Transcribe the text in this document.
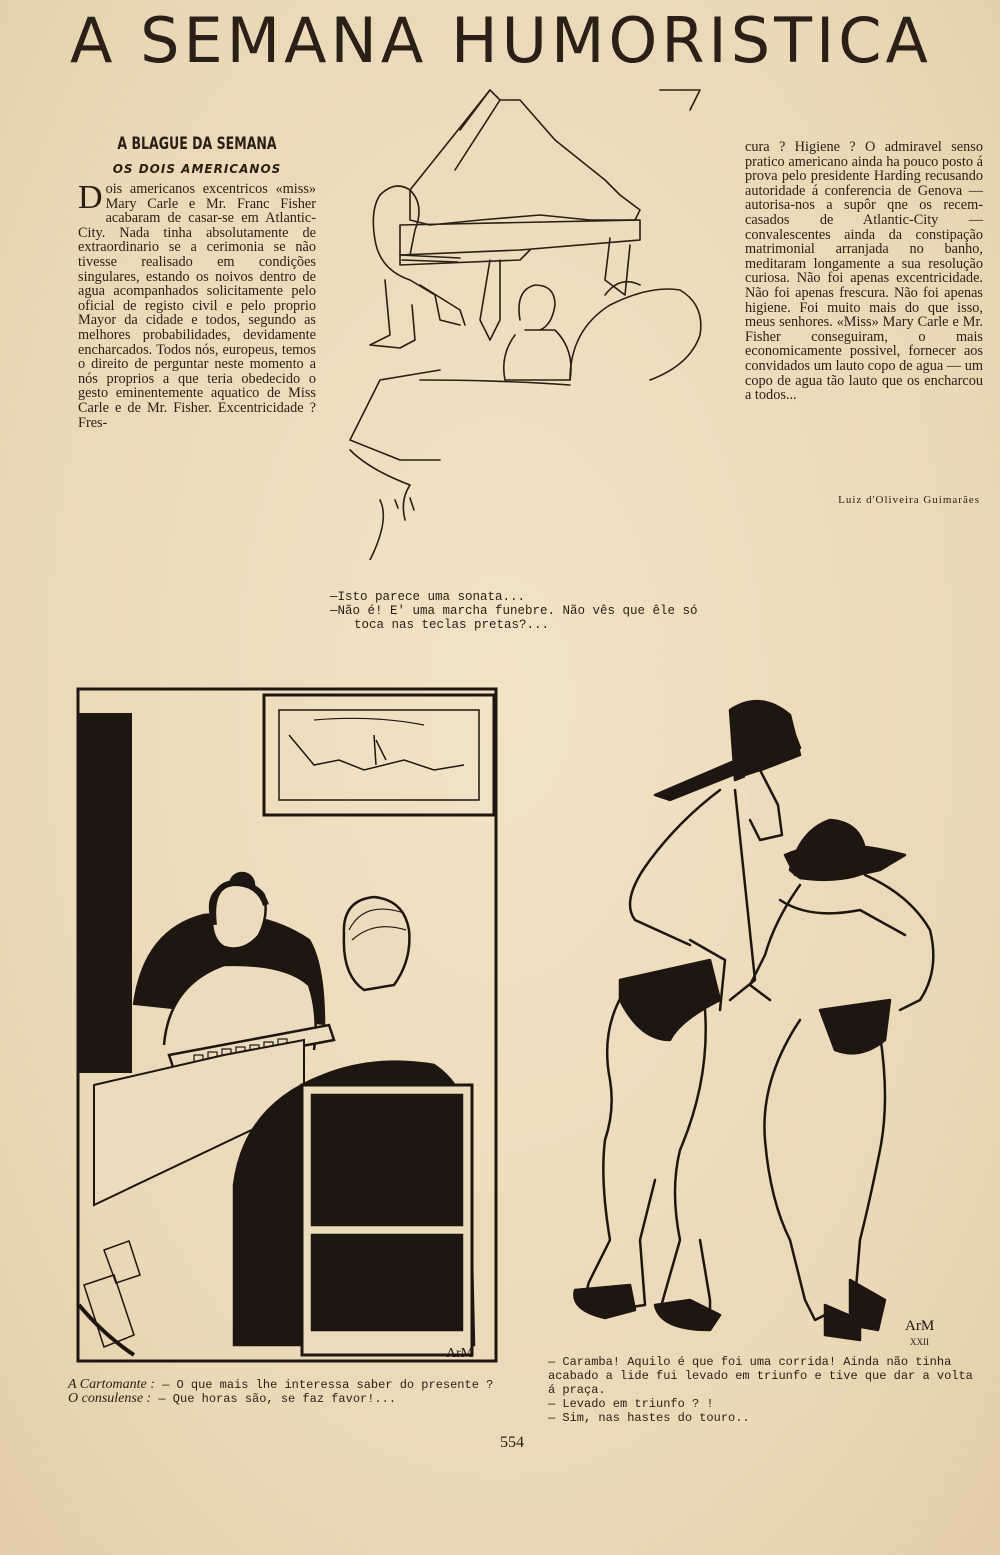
A SEMANA HUMORISTICA
A BLAGUE DA SEMANA
OS DOIS AMERICANOS

Dois americanos excentricos «miss» Mary Carle e Mr. Franc Fisher acabaram de casar-se em Atlantic-City. Nada tinha absolutamente de extraordinario se a cerimonia se não tivesse realisado em condições singulares, estando os noivos dentro de agua acompanhados solicitamente pelo oficial de registo civil e pelo proprio Mayor da cidade e todos, segundo as melhores probabilidades, devidamente encharcados. Todos nós, europeus, temos o direito de perguntar neste momento a nós proprios a que teria obedecido o gesto eminentemente aquatico de Miss Carle e de Mr. Fisher. Excentricidade ? Fres-

cura ? Higiene ? O admiravel senso pratico americano ainda ha pouco posto á prova pelo presidente Harding recusando autoridade á conferencia de Genova — autorisa-nos a supôr qne os recem-casados de Atlantic-City —convalescentes ainda da constipação matrimonial arranjada no banho, meditaram longamente a sua resolução curiosa. Não foi apenas excentricidade. Não foi apenas frescura. Não foi apenas higiene. Foi muito mais do que isso, meus senhores. «Miss» Mary Carle e Mr. Fisher conseguiram, o mais economicamente possivel, fornecer aos convidados um lauto copo de agua — um copo de agua tão lauto que os encharcou a todos...

Luiz d'Oliveira Guimarães
—Isto parece uma sonata...
—Não é! E' uma marcha funebre. Não vês que êle só
toca nas teclas pretas?...
ArM
A Cartomante : — O que mais lhe interessa saber do presente ?
O consulense : — Que horas são, se faz favor!...
ArM
XXII
— Caramba! Aquilo é que foi uma corrida! Ainda não tinha acabado a lide fui levado em triunfo e tive que dar a volta á praça.
— Levado em triunfo ? !
— Sim, nas hastes do touro..
554
